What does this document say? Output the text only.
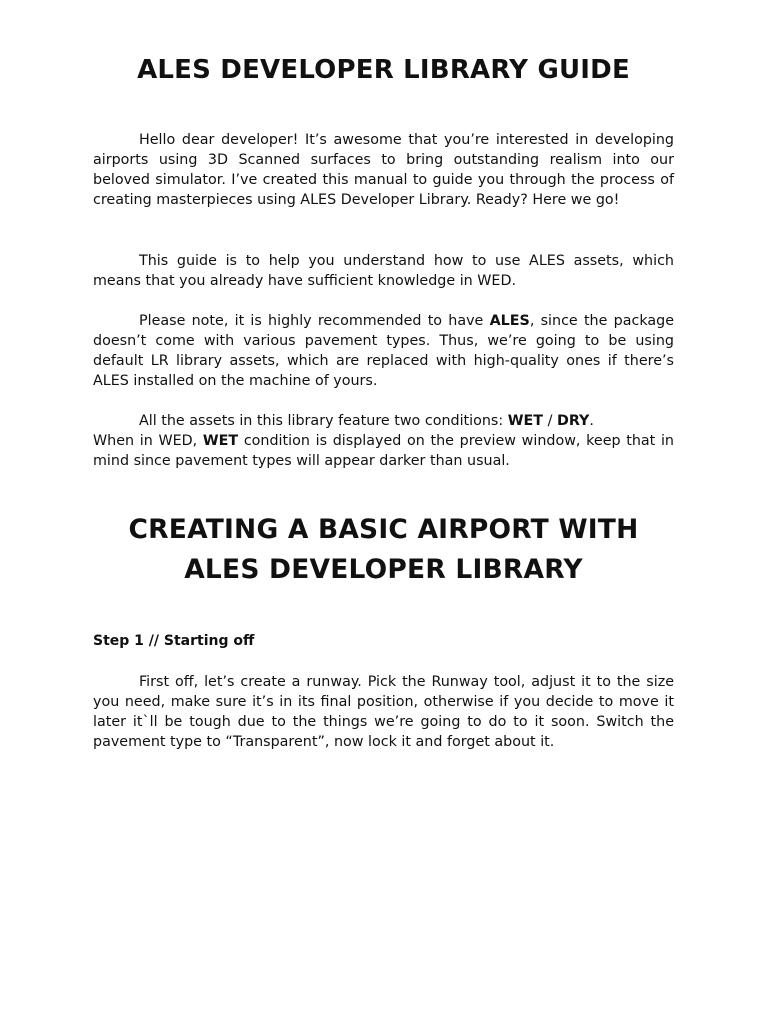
ALES DEVELOPER LIBRARY GUIDE

Hello dear developer! It’s awesome that you’re interested in developing airports using 3D Scanned surfaces to bring outstanding realism into our beloved simulator. I’ve created this manual to guide you through the process of creating masterpieces using ALES Developer Library. Ready? Here we go!

This guide is to help you understand how to use ALES assets, which means that you already have sufficient knowledge in WED.

Please note, it is highly recommended to have ALES, since the package doesn’t come with various pavement types. Thus, we’re going to be using default LR library assets, which are replaced with high-quality ones if there’s ALES installed on the machine of yours.

All the assets in this library feature two conditions: WET / DRY.

When in WED, WET condition is displayed on the preview window, keep that in mind since pavement types will appear darker than usual.

CREATING A BASIC AIRPORT WITH
ALES DEVELOPER LIBRARY
Step 1 // Starting off

First off, let’s create a runway. Pick the Runway tool, adjust it to the size you need, make sure it’s in its final position, otherwise if you decide to move it later it`ll be tough due to the things we’re going to do to it soon. Switch the pavement type to “Transparent”, now lock it and forget about it.
